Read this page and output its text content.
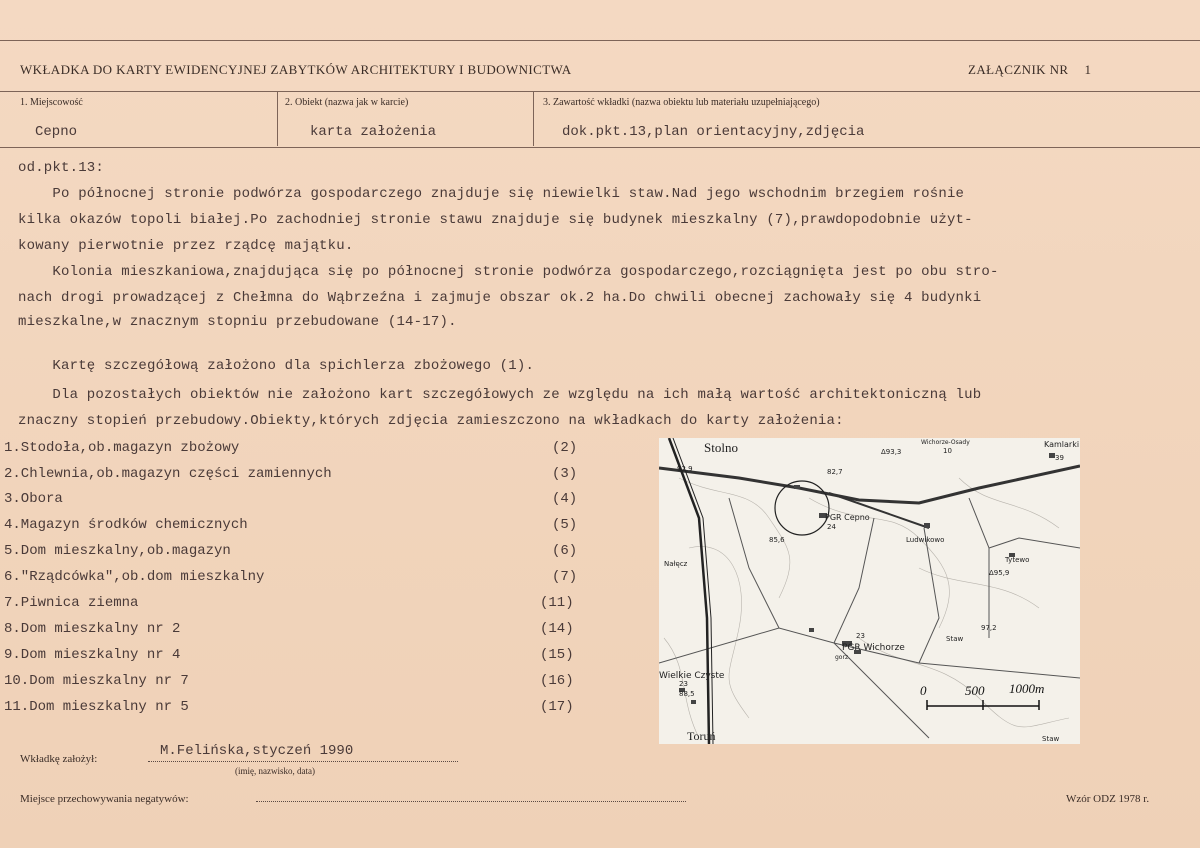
WKŁADKA DO KARTY EWIDENCYJNEJ ZABYTKÓW ARCHITEKTURY I BUDOWNICTWA	ZAŁĄCZNIK NR 1
1. Miejscowość	2. Obiekt (nazwa jak w karcie)	3. Zawartość wkładki (nazwa obiektu lub materiału uzupełniającego)
Cepno	karta założenia	dok.pkt.13,plan orientacyjny,zdjęcia
od.pkt.13:
Po północnej stronie podwórza gospodarczego znajduje się niewielki staw.Nad jego wschodnim brzegiem rośnie
kilka okazów topoli białej.Po zachodniej stronie stawu znajduje się budynek mieszkalny (7),prawdopodobnie użyt-
kowany pierwotnie przez rządcę majątku.
Kolonia mieszkaniowa,znajdująca się po północnej stronie podwórza gospodarczego,rozciągnięta jest po obu stro-
nach drogi prowadzącej z Chełmna do Wąbrzeźna i zajmuje obszar ok.2 ha.Do chwili obecnej zachowały się 4 budynki
mieszkalne,w znacznym stopniu przebudowane (14-17).
Kartę szczegółową założono dla spichlerza zbożowego (1).
Dla pozostałych obiektów nie założono kart szczegółowych ze względu na ich małą wartość architektoniczną lub
znaczny stopień przebudowy.Obiekty,których zdjęcia zamieszczono na wkładkach do karty założenia:
1.Stodoła,ob.magazyn zbożowy	(2)
2.Chlewnia,ob.magazyn części zamiennych	(3)
3.Obora	(4)
4.Magazyn środków chemicznych	(5)
5.Dom mieszkalny,ob.magazyn	(6)
6."Rządcówka",ob.dom mieszkalny	(7)
7.Piwnica ziemna	(11)
8.Dom mieszkalny nr 2	(14)
9.Dom mieszkalny nr 4	(15)
10.Dom mieszkalny nr 7	(16)
11.Dom mieszkalny nr 5	(17)
Stolno	Kamlarki
Wichorze-Osady
PGR Cepno
Ludwikowo
Tytewo
Nałęcz
PGR Wichorze
Staw
Staw
Wielkie Czyste
gorz.
Toruń
92,9	82,7
Δ93,3
85,6
Δ95,9
97,2
24
23
10
39
88,5
23	0	500 1000m
Wkładkę założył:	M.Felińska,styczeń 1990
(imię, nazwisko, data)
Miejsce przechowywania negatywów:	Wzór ODZ 1978 r.
